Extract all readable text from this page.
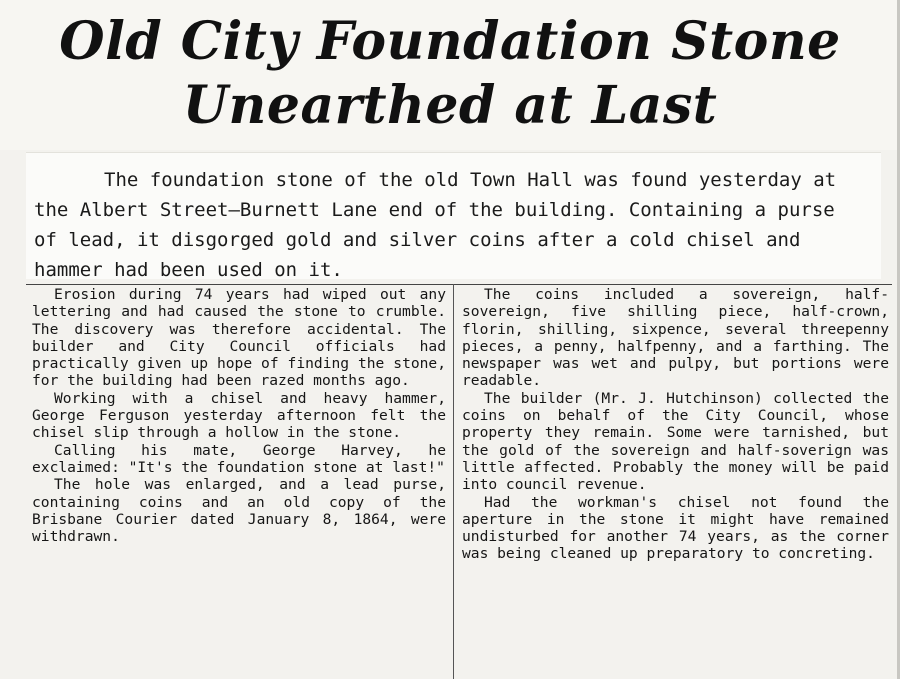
Old City Foundation Stone
Unearthed at Last

The foundation stone of the old Town Hall was found yesterday at the Albert Street—Burnett Lane end of the building. Containing a purse of lead, it disgorged gold and silver coins after a cold chisel and hammer had been used on it.

Erosion during 74 years had wiped out any lettering and had caused the stone to crumble. The discovery was therefore accidental. The builder and City Council officials had practically given up hope of finding the stone, for the building had been razed months ago.

Working with a chisel and heavy hammer, George Ferguson yesterday afternoon felt the chisel slip through a hollow in the stone.

Calling his mate, George Harvey, he exclaimed: "It's the foundation stone at last!"

The hole was enlarged, and a lead purse, containing coins and an old copy of the Brisbane Courier dated January 8, 1864, were withdrawn.

The coins included a sovereign, half-sovereign, five shilling piece, half-crown, florin, shilling, sixpence, several threepenny pieces, a penny, halfpenny, and a farthing. The newspaper was wet and pulpy, but portions were readable.

The builder (Mr. J. Hutchinson) collected the coins on behalf of the City Council, whose property they remain. Some were tarnished, but the gold of the sovereign and half-soverign was little affected. Probably the money will be paid into council revenue.

Had the workman's chisel not found the aperture in the stone it might have remained undisturbed for another 74 years, as the corner was being cleaned up preparatory to concreting.
